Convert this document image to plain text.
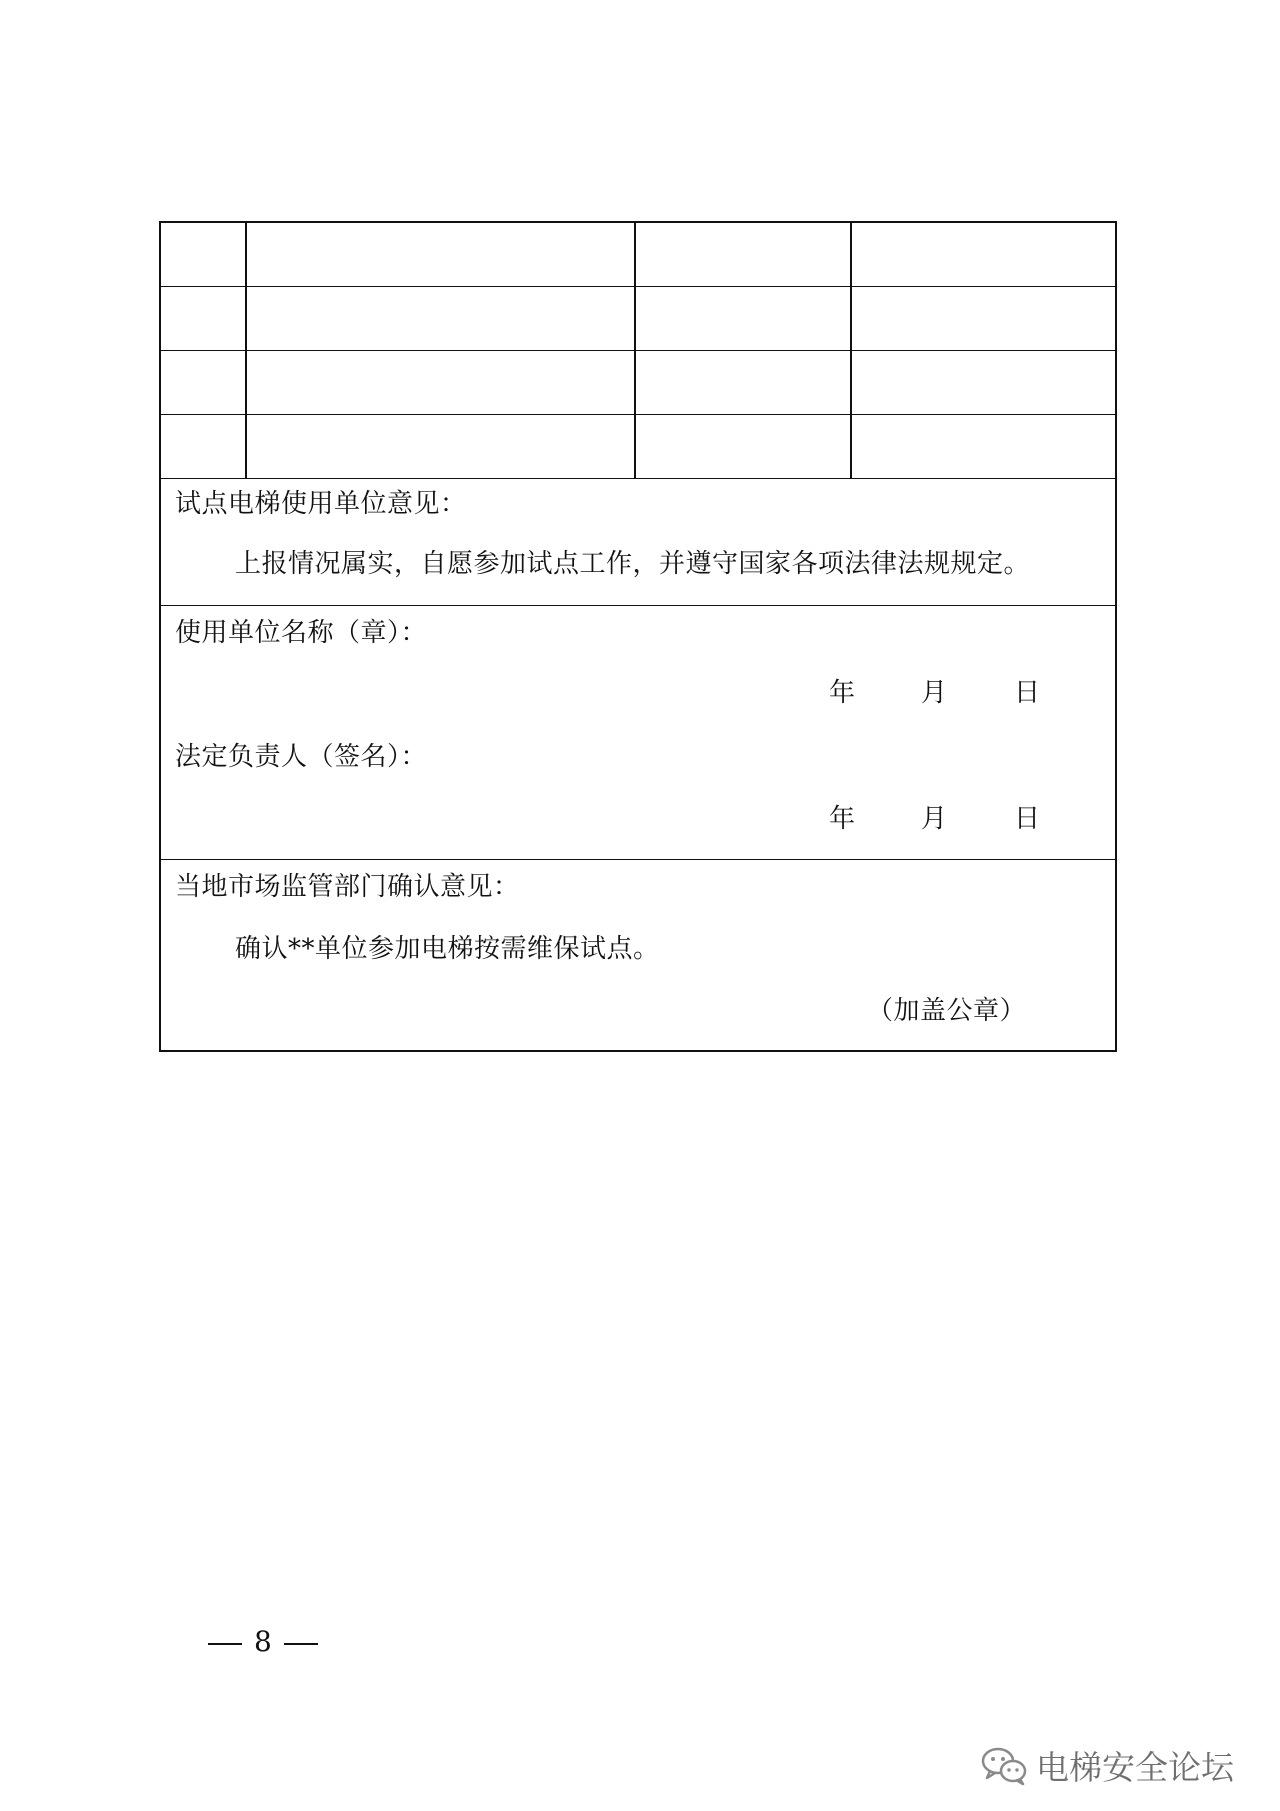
试点电梯使用单位意见：
上报情况属实，自愿参加试点工作，并遵守国家各项法律法规规定。
使用单位名称（章）：
年	月	日
法定负责人（签名）：
年	月	日
当地市场监管部门确认意见：
确认**单位参加电梯按需维保试点。
（加盖公章）
8
电梯安全论坛
